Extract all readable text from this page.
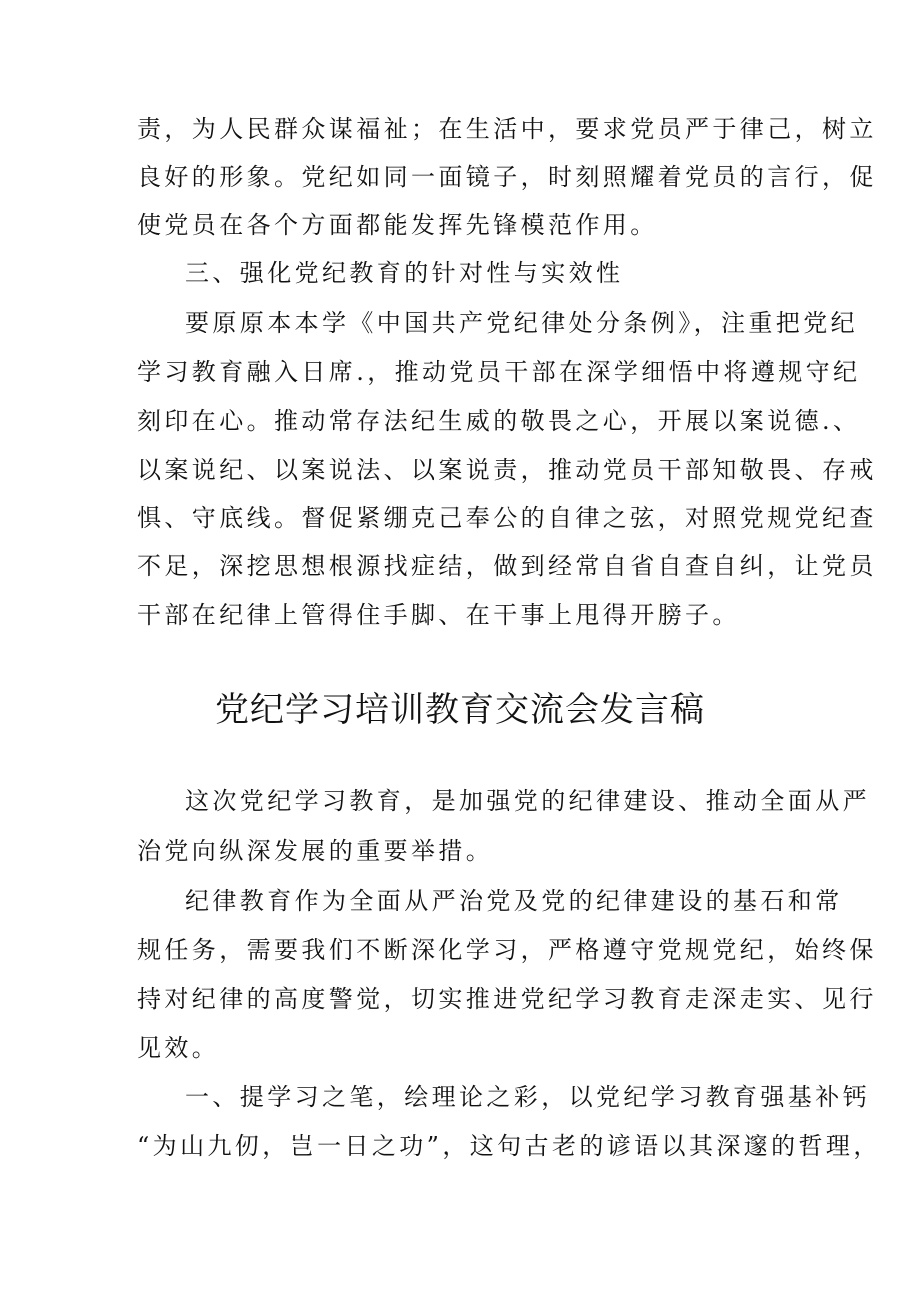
责，为人民群众谋福祉；在生活中，要求党员严于律己，树立
良好的形象。党纪如同一面镜子，时刻照耀着党员的言行，促
使党员在各个方面都能发挥先锋模范作用。
三、强化党纪教育的针对性与实效性
要原原本本学《中国共产党纪律处分条例》，注重把党纪
学习教育融入日席.，推动党员干部在深学细悟中将遵规守纪
刻印在心。推动常存法纪生威的敬畏之心，开展以案说德.、
以案说纪、以案说法、以案说责，推动党员干部知敬畏、存戒
惧、守底线。督促紧绷克己奉公的自律之弦，对照党规党纪查
不足，深挖思想根源找症结，做到经常自省自查自纠，让党员
干部在纪律上管得住手脚、在干事上甩得开膀子。
党纪学习培训教育交流会发言稿
这次党纪学习教育，是加强党的纪律建设、推动全面从严
治党向纵深发展的重要举措。
纪律教育作为全面从严治党及党的纪律建设的基石和常
规任务，需要我们不断深化学习，严格遵守党规党纪，始终保
持对纪律的高度警觉，切实推进党纪学习教育走深走实、见行
见效。
一、提学习之笔，绘理论之彩，以党纪学习教育强基补钙
“为山九仞，岂一日之功”，这句古老的谚语以其深邃的哲理，
